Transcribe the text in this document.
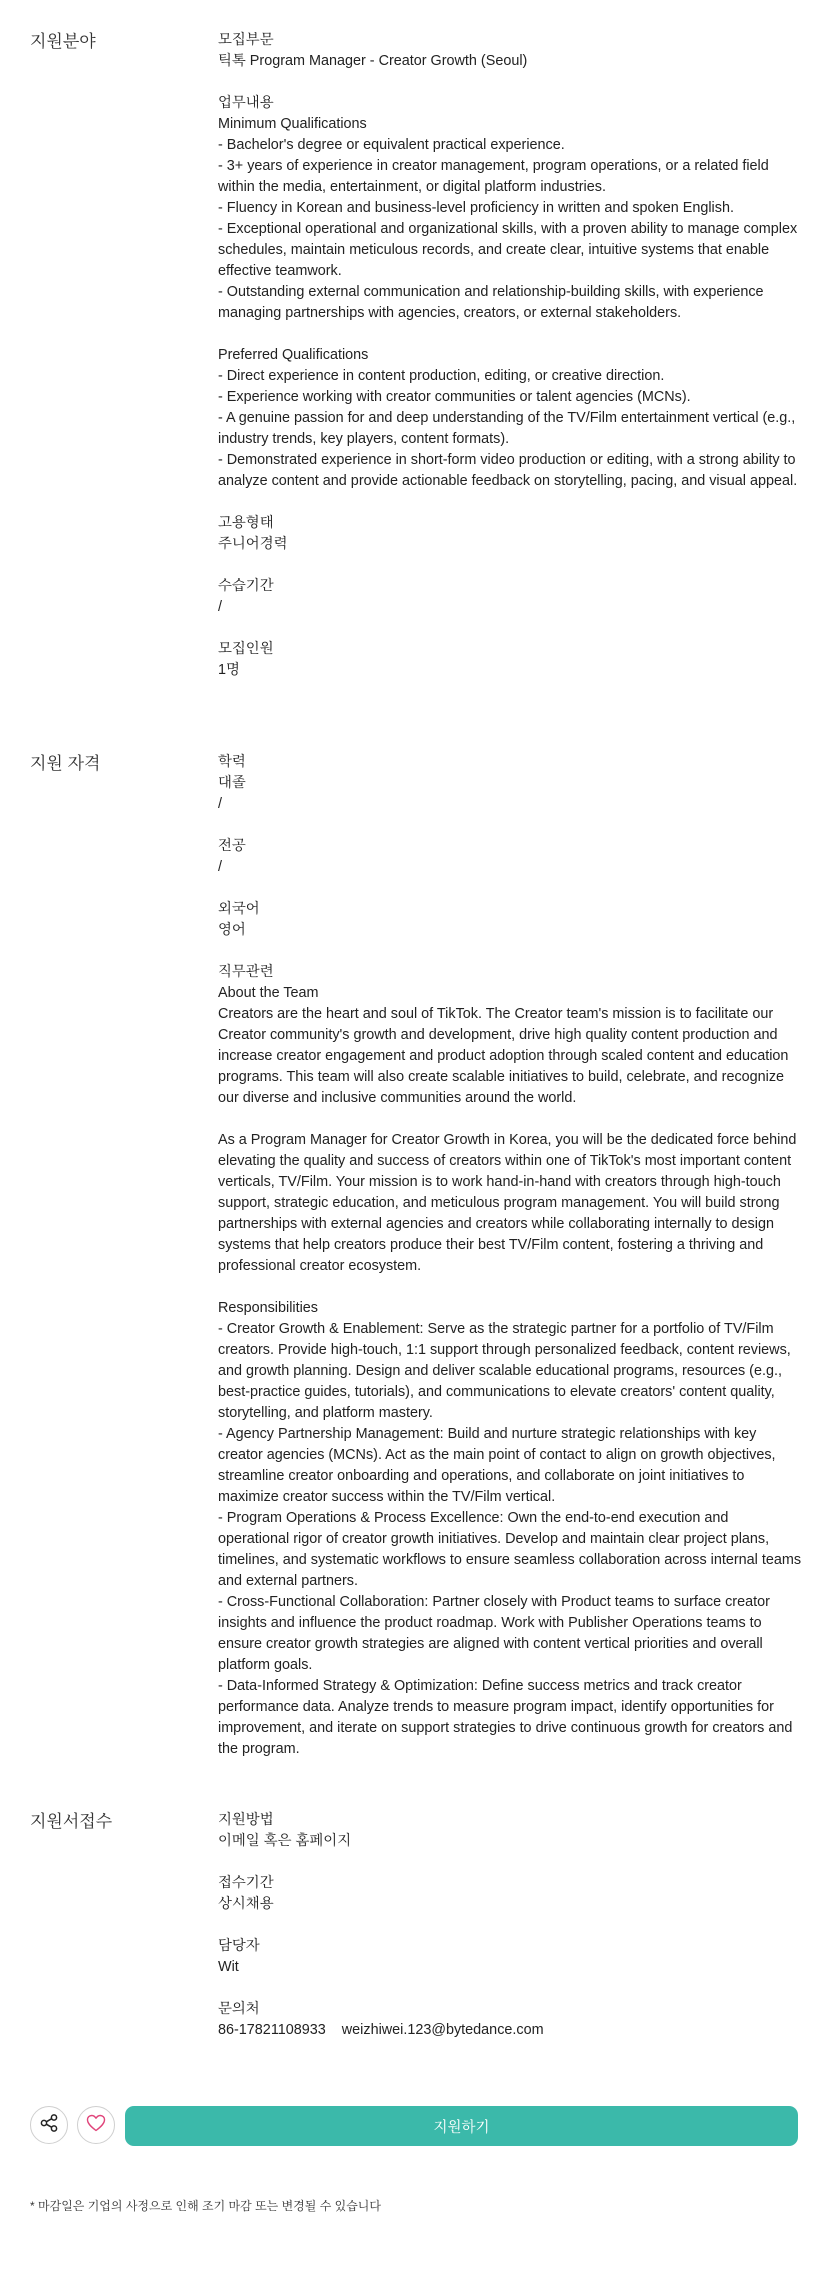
지원분야	모집부문
틱톡 Program Manager - Creator Growth (Seoul)
업무내용
Minimum Qualifications
- Bachelor's degree or equivalent practical experience.
- 3+ years of experience in creator management, program operations, or a related field within the media, entertainment, or digital platform industries.
- Fluency in Korean and business-level proficiency in written and spoken English.
- Exceptional operational and organizational skills, with a proven ability to manage complex schedules, maintain meticulous records, and create clear, intuitive systems that enable effective teamwork.
- Outstanding external communication and relationship-building skills, with experience managing partnerships with agencies, creators, or external stakeholders.
Preferred Qualifications
- Direct experience in content production, editing, or creative direction.
- Experience working with creator communities or talent agencies (MCNs).
- A genuine passion for and deep understanding of the TV/Film entertainment vertical (e.g., industry trends, key players, content formats).
- Demonstrated experience in short-form video production or editing, with a strong ability to analyze content and provide actionable feedback on storytelling, pacing, and visual appeal.
고용형태
주니어경력
수습기간
/
모집인원
1명
지원 자격	학력
대졸
/
전공
/
외국어
영어
직무관련
About the Team
Creators are the heart and soul of TikTok. The Creator team's mission is to facilitate our Creator community's growth and development, drive high quality content production and increase creator engagement and product adoption through scaled content and education programs. This team will also create scalable initiatives to build, celebrate, and recognize our diverse and inclusive communities around the world.
As a Program Manager for Creator Growth in Korea, you will be the dedicated force behind elevating the quality and success of creators within one of TikTok's most important content verticals, TV/Film. Your mission is to work hand-in-hand with creators through high-touch support, strategic education, and meticulous program management. You will build strong partnerships with external agencies and creators while collaborating internally to design systems that help creators produce their best TV/Film content, fostering a thriving and professional creator ecosystem.
Responsibilities
- Creator Growth & Enablement: Serve as the strategic partner for a portfolio of TV/Film creators. Provide high-touch, 1:1 support through personalized feedback, content reviews, and growth planning. Design and deliver scalable educational programs, resources (e.g., best-practice guides, tutorials), and communications to elevate creators' content quality, storytelling, and platform mastery.
- Agency Partnership Management: Build and nurture strategic relationships with key creator agencies (MCNs). Act as the main point of contact to align on growth objectives, streamline creator onboarding and operations, and collaborate on joint initiatives to maximize creator success within the TV/Film vertical.
- Program Operations & Process Excellence: Own the end-to-end execution and operational rigor of creator growth initiatives. Develop and maintain clear project plans, timelines, and systematic workflows to ensure seamless collaboration across internal teams and external partners.
- Cross-Functional Collaboration: Partner closely with Product teams to surface creator insights and influence the product roadmap. Work with Publisher Operations teams to ensure creator growth strategies are aligned with content vertical priorities and overall platform goals.
- Data-Informed Strategy & Optimization: Define success metrics and track creator performance data. Analyze trends to measure program impact, identify opportunities for improvement, and iterate on support strategies to drive continuous growth for creators and the program.
지원서접수	지원방법
이메일 혹은 홈페이지
접수기간
상시채용
담당자
Wit
문의처
86-17821108933 weizhiwei.123@bytedance.com
지원하기
* 마감일은 기업의 사정으로 인해 조기 마감 또는 변경될 수 있습니다
